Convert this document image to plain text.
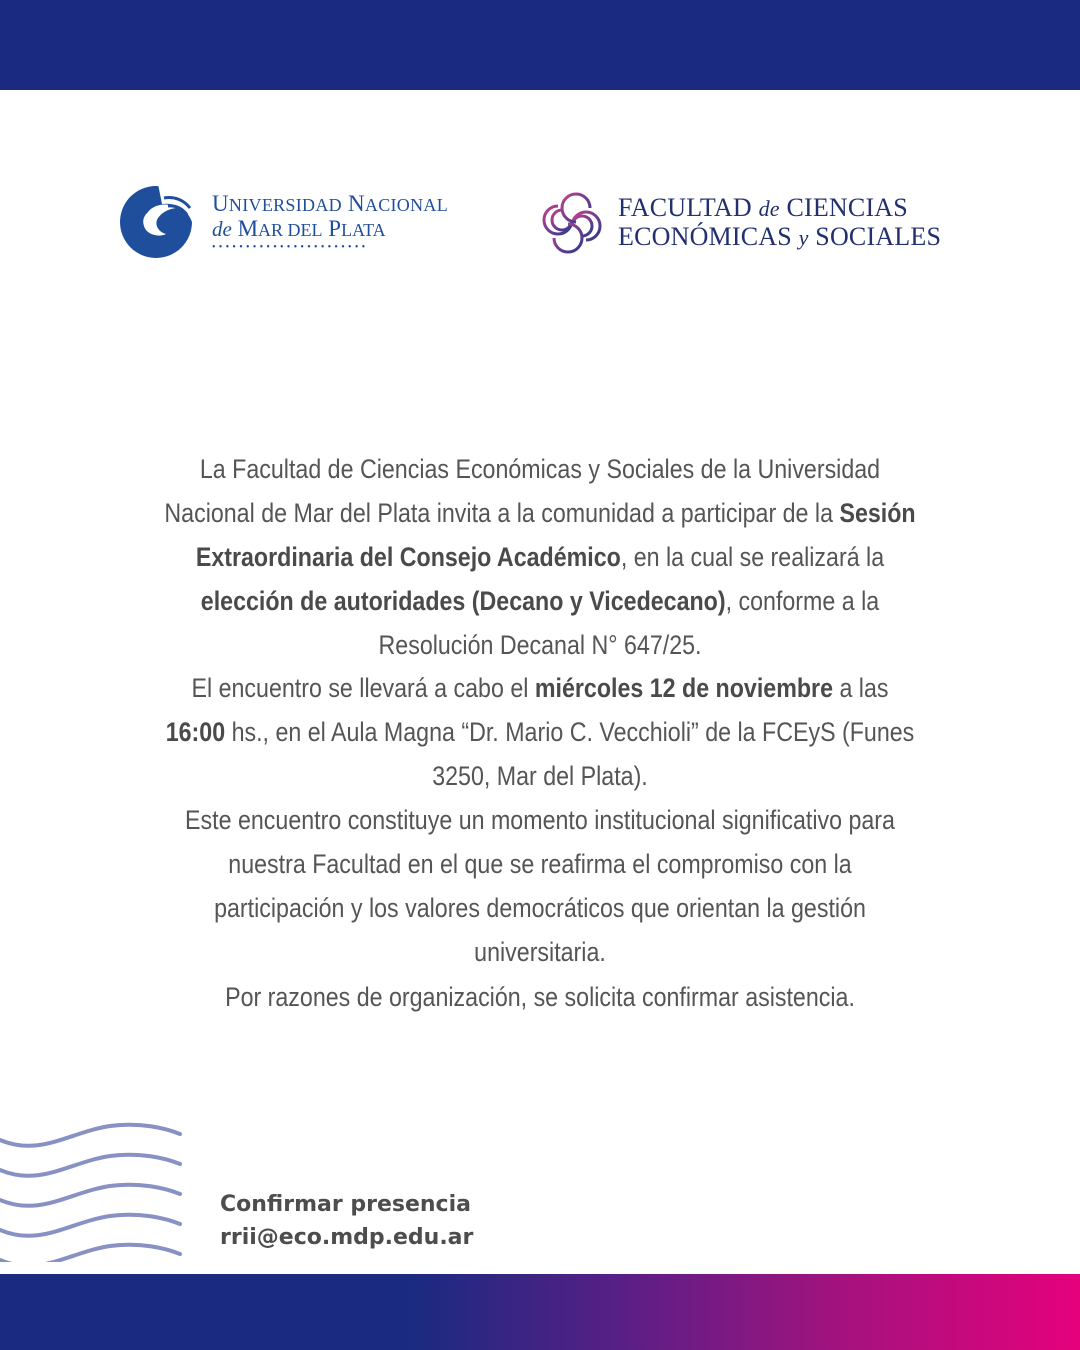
UNIVERSIDAD NACIONAL
de MAR DEL PLATA
•••••••••••••••••••••••
FACULTAD de CIENCIAS
ECONÓMICAS y SOCIALES
La Facultad de Ciencias Económicas y Sociales de la Universidad Nacional de Mar del Plata invita a la comunidad a participar de la Sesión Extraordinaria del Consejo Académico, en la cual se realizará la elección de autoridades (Decano y Vicedecano), conforme a la Resolución Decanal N° 647/25.
El encuentro se llevará a cabo el miércoles 12 de noviembre a las 16:00 hs., en el Aula Magna “Dr. Mario C. Vecchioli” de la FCEyS (Funes 3250, Mar del Plata).
Este encuentro constituye un momento institucional significativo para nuestra Facultad en el que se reafirma el compromiso con la participación y los valores democráticos que orientan la gestión universitaria.
Por razones de organización, se solicita confirmar asistencia.
Confirmar presencia
rrii@eco.mdp.edu.ar
